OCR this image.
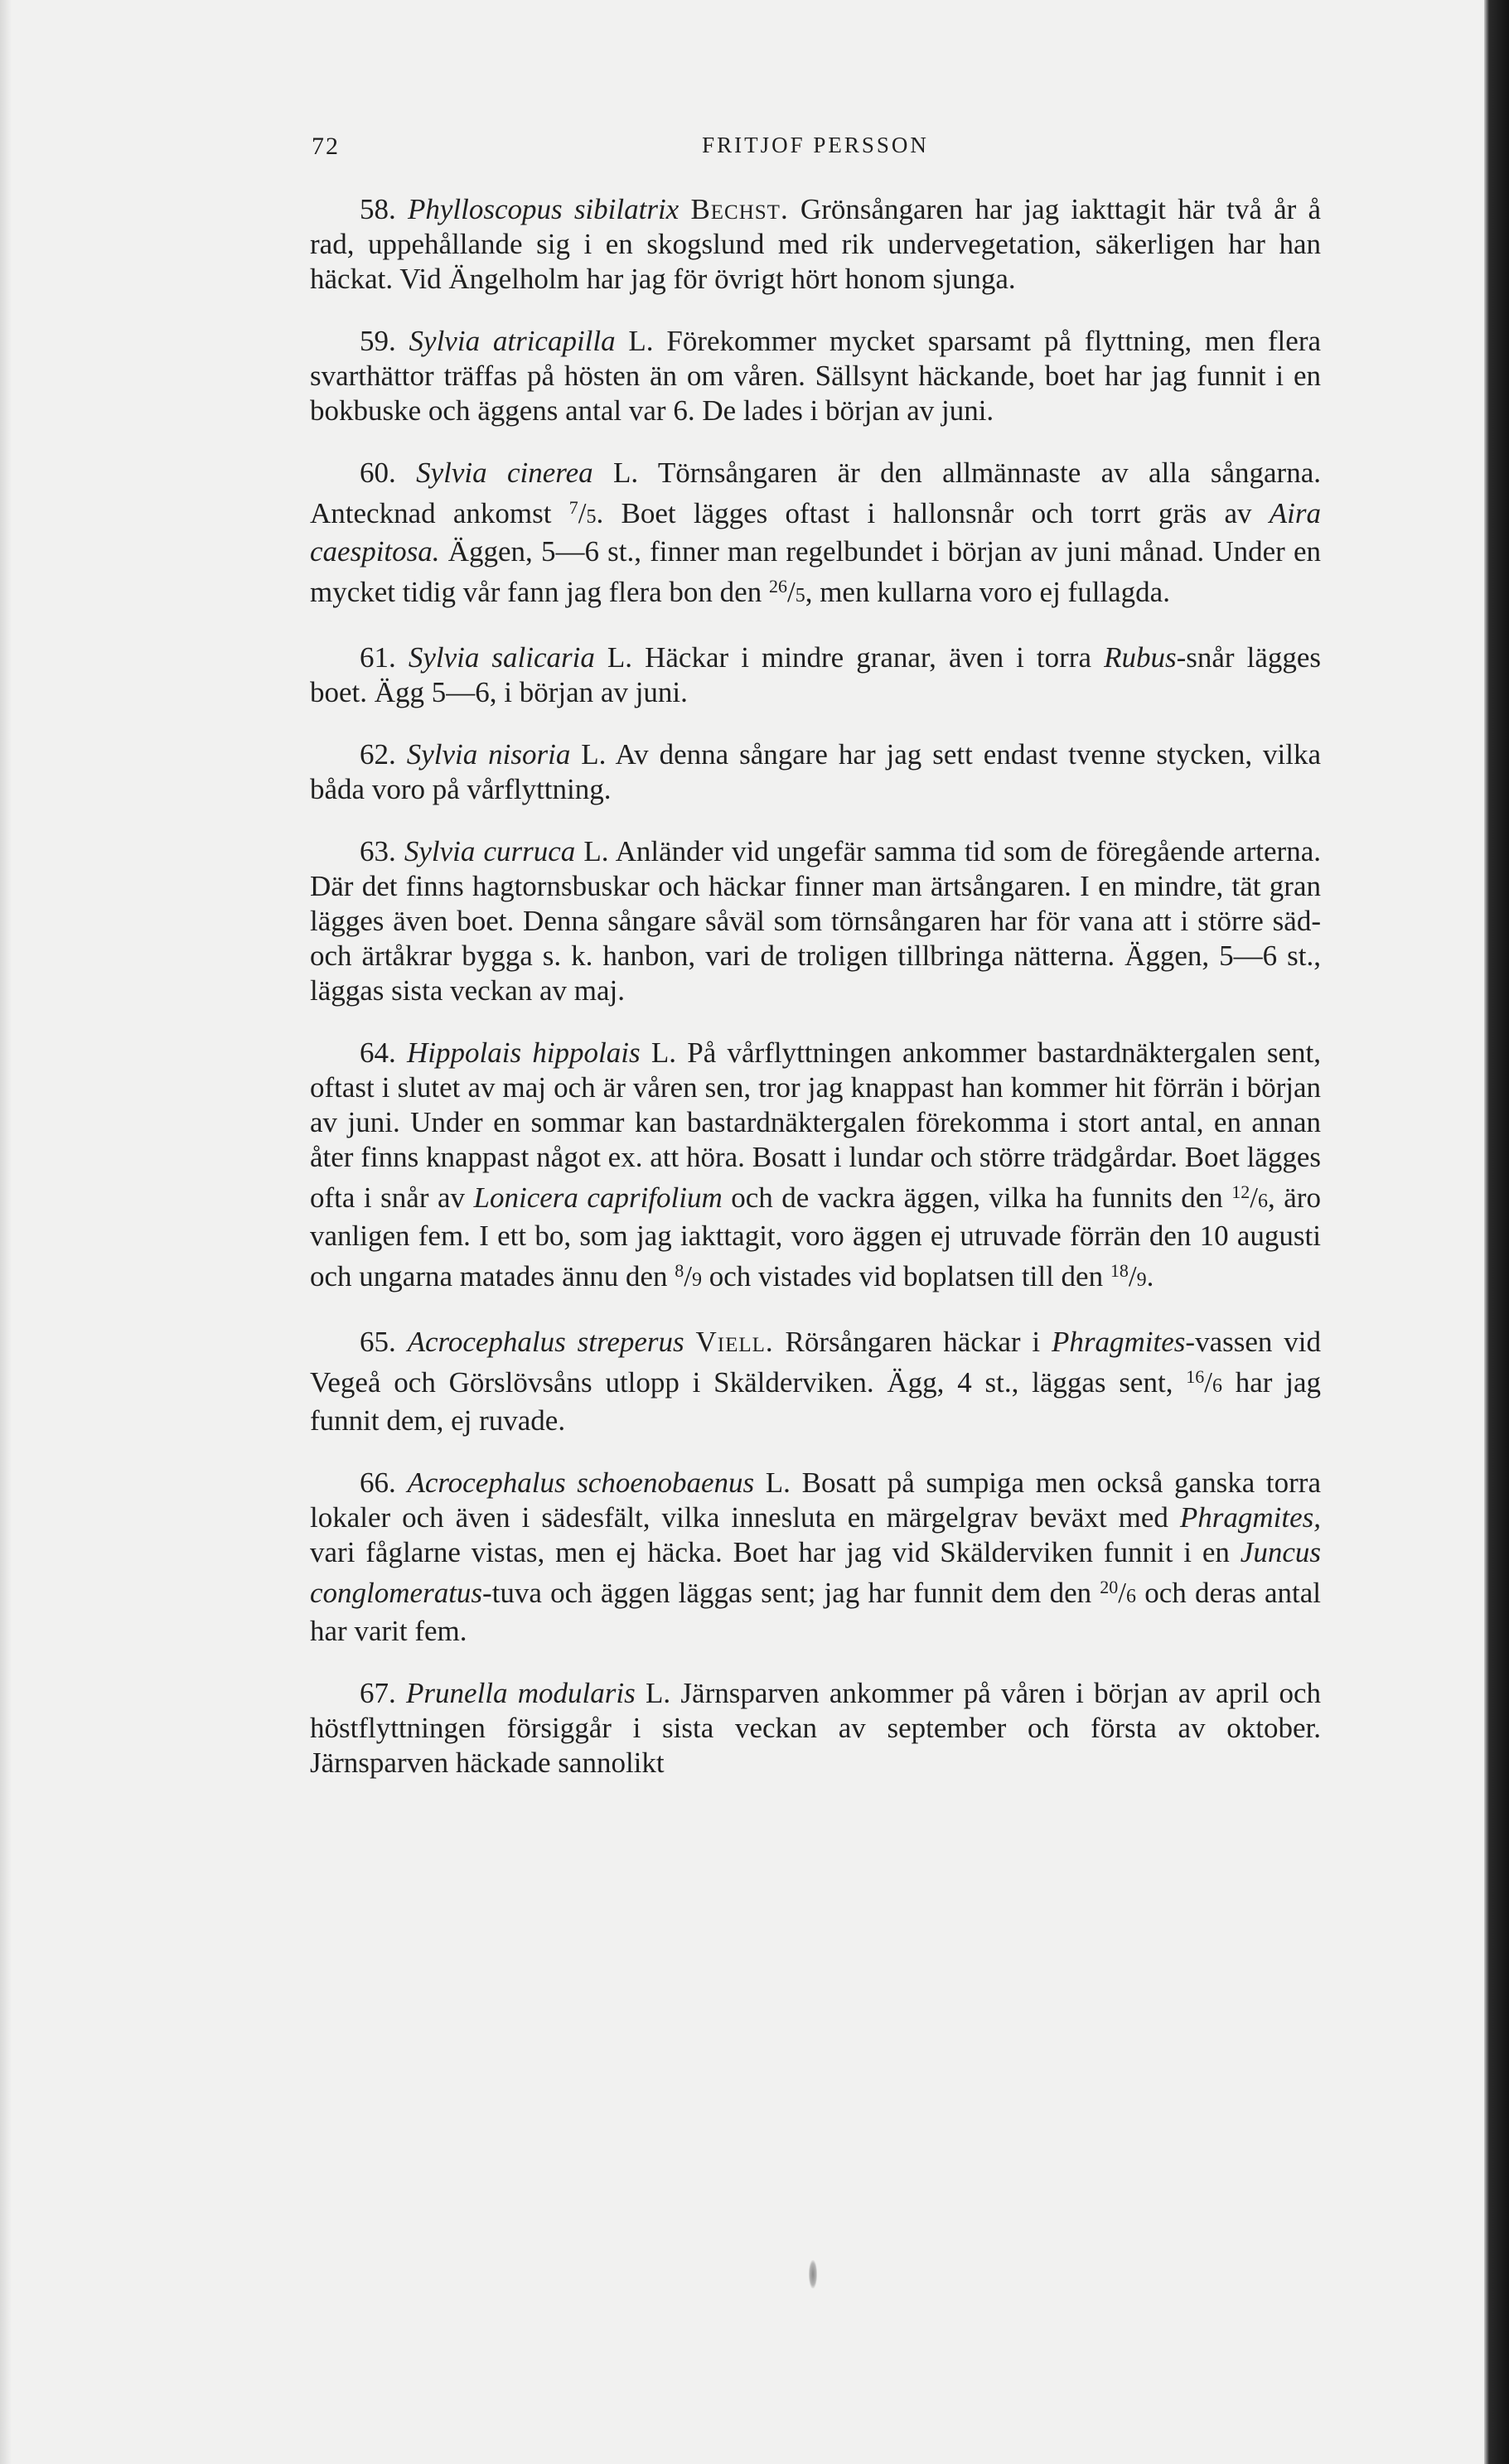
72	FRITJOF PERSSON

58. Phylloscopus sibilatrix Bechst. Grönsångaren har jag iakttagit här två år å rad, uppehållande sig i en skogslund med rik undervegetation, säkerligen har han häckat. Vid Ängelholm har jag för övrigt hört honom sjunga.

59. Sylvia atricapilla L. Förekommer mycket sparsamt på flyttning, men flera svarthättor träffas på hösten än om våren. Sällsynt häckande, boet har jag funnit i en bokbuske och äggens antal var 6. De lades i början av juni.

60. Sylvia cinerea L. Törnsångaren är den allmännaste av alla sångarna. Antecknad ankomst $^7$/5. Boet lägges oftast i hallonsnår och torrt gräs av Aira caespitosa. Äggen, 5—6 st., finner man regelbundet i början av juni månad. Under en mycket tidig vår fann jag flera bon den $^{26}$/5, men kullarna voro ej fullagda.

61. Sylvia salicaria L. Häckar i mindre granar, även i torra Rubus-snår lägges boet. Ägg 5—6, i början av juni.

62. Sylvia nisoria L. Av denna sångare har jag sett endast tvenne stycken, vilka båda voro på vårflyttning.

63. Sylvia curruca L. Anländer vid ungefär samma tid som de föregående arterna. Där det finns hagtornsbuskar och häckar finner man ärtsångaren. I en mindre, tät gran lägges även boet. Denna sångare såväl som törnsångaren har för vana att i större säd- och ärtåkrar bygga s. k. hanbon, vari de troligen tillbringa nätterna. Äggen, 5—6 st., läggas sista veckan av maj.

64. Hippolais hippolais L. På vårflyttningen ankommer bastardnäktergalen sent, oftast i slutet av maj och är våren sen, tror jag knappast han kommer hit förrän i början av juni. Under en sommar kan bastardnäktergalen förekomma i stort antal, en annan åter finns knappast något ex. att höra. Bosatt i lundar och större trädgårdar. Boet lägges ofta i snår av Lonicera caprifolium och de vackra äggen, vilka ha funnits den $^{12}$/6, äro vanligen fem. I ett bo, som jag iakttagit, voro äggen ej utruvade förrän den 10 augusti och ungarna matades ännu den $^8$/9 och vistades vid boplatsen till den $^{18}$/9.

65. Acrocephalus streperus Viell. Rörsångaren häckar i Phragmites-vassen vid Vegeå och Görslövsåns utlopp i Skälderviken. Ägg, 4 st., läggas sent, $^{16}$/6 har jag funnit dem, ej ruvade.

66. Acrocephalus schoenobaenus L. Bosatt på sumpiga men också ganska torra lokaler och även i sädesfält, vilka innesluta en märgelgrav beväxt med Phragmites, vari fåglarne vistas, men ej häcka. Boet har jag vid Skälderviken funnit i en Juncus conglomeratus-tuva och äggen läggas sent; jag har funnit dem den $^{20}$/6 och deras antal har varit fem.

67. Prunella modularis L. Järnsparven ankommer på våren i början av april och höstflyttningen försiggår i sista veckan av september och första av oktober. Järnsparven häckade sannolikt
